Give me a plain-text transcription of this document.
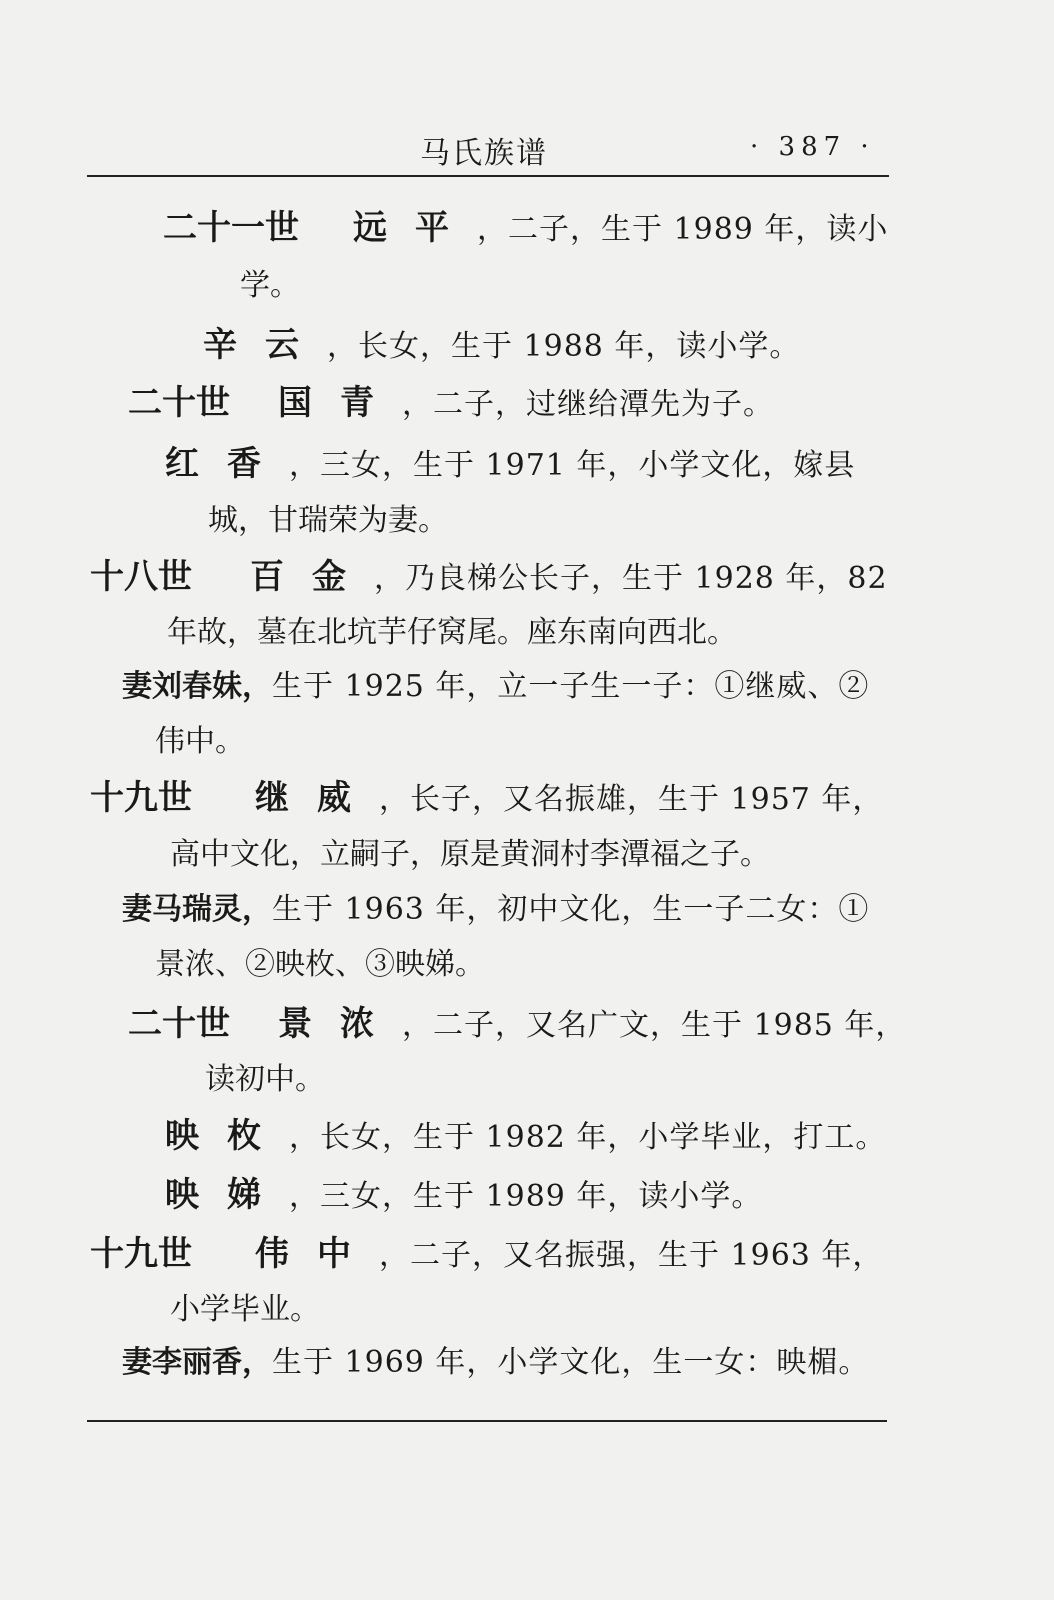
马氏族谱	· 387 ·
二十一世 远平，二子，生于 1989 年，读小
学。
辛云，长女，生于 1988 年，读小学。
二十世 国青，二子，过继给潭先为子。
红香，三女，生于 1971 年，小学文化，嫁县
城，甘瑞荣为妻。
十八世 百金，乃良梯公长子，生于 1928 年，82
年故，墓在北坑芋仔窝尾。座东南向西北。
妻刘春妹，生于 1925 年，立一子生一子：①继威、②
伟中。
十九世 继威，长子，又名振雄，生于 1957 年，
高中文化，立嗣子，原是黄洞村李潭福之子。
妻马瑞灵，生于 1963 年，初中文化，生一子二女：①
景浓、②映枚、③映娣。
二十世 景浓，二子，又名广文，生于 1985 年，
读初中。
映枚，长女，生于 1982 年，小学毕业，打工。
映娣，三女，生于 1989 年，读小学。
十九世 伟中，二子，又名振强，生于 1963 年，
小学毕业。
妻李丽香，生于 1969 年，小学文化，生一女：映楣。
